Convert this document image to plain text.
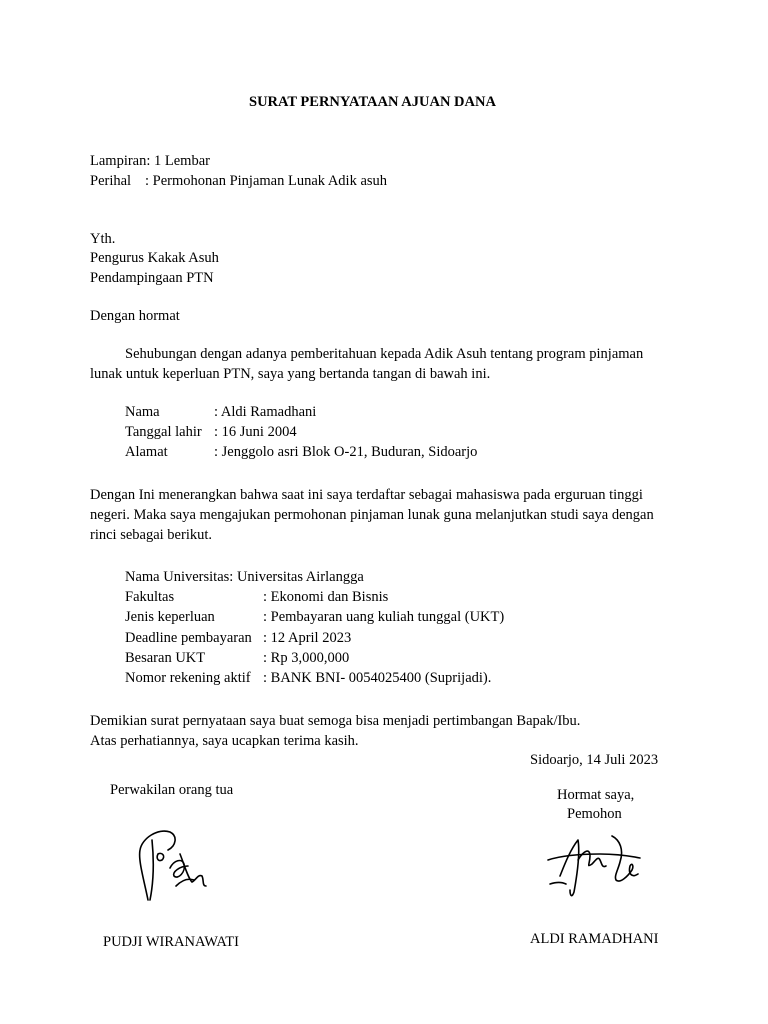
SURAT PERNYATAAN AJUAN DANA
Lampiran: 1 Lembar
Perihal : Permohonan Pinjaman Lunak Adik asuh
Yth.
Pengurus Kakak Asuh
Pendampingaan PTN
Dengan hormat
Sehubungan dengan adanya pemberitahuan kepada Adik Asuh tentang program pinjaman
lunak untuk keperluan PTN, saya yang bertanda tangan di bawah ini.
Nama	: Aldi Ramadhani
Tanggal lahir : 16 Juni 2004
Alamat	: Jenggolo asri Blok O-21, Buduran, Sidoarjo
Dengan Ini menerangkan bahwa saat ini saya terdaftar sebagai mahasiswa pada erguruan tinggi
negeri. Maka saya mengajukan permohonan pinjaman lunak guna melanjutkan studi saya dengan
rinci sebagai berikut.
Nama Universitas: Universitas Airlangga
Fakultas	: Ekonomi dan Bisnis
Jenis keperluan	: Pembayaran uang kuliah tunggal (UKT)
Deadline pembayaran : 12 April 2023
Besaran UKT	: Rp 3,000,000
Nomor rekening aktif : BANK BNI- 0054025400 (Suprijadi).
Demikian surat pernyataan saya buat semoga bisa menjadi pertimbangan Bapak/Ibu.
Atas perhatiannya, saya ucapkan terima kasih.
Sidoarjo, 14 Juli 2023
Perwakilan orang tua
PUDJI WIRANAWATI
Hormat saya,
Pemohon
ALDI RAMADHANI
